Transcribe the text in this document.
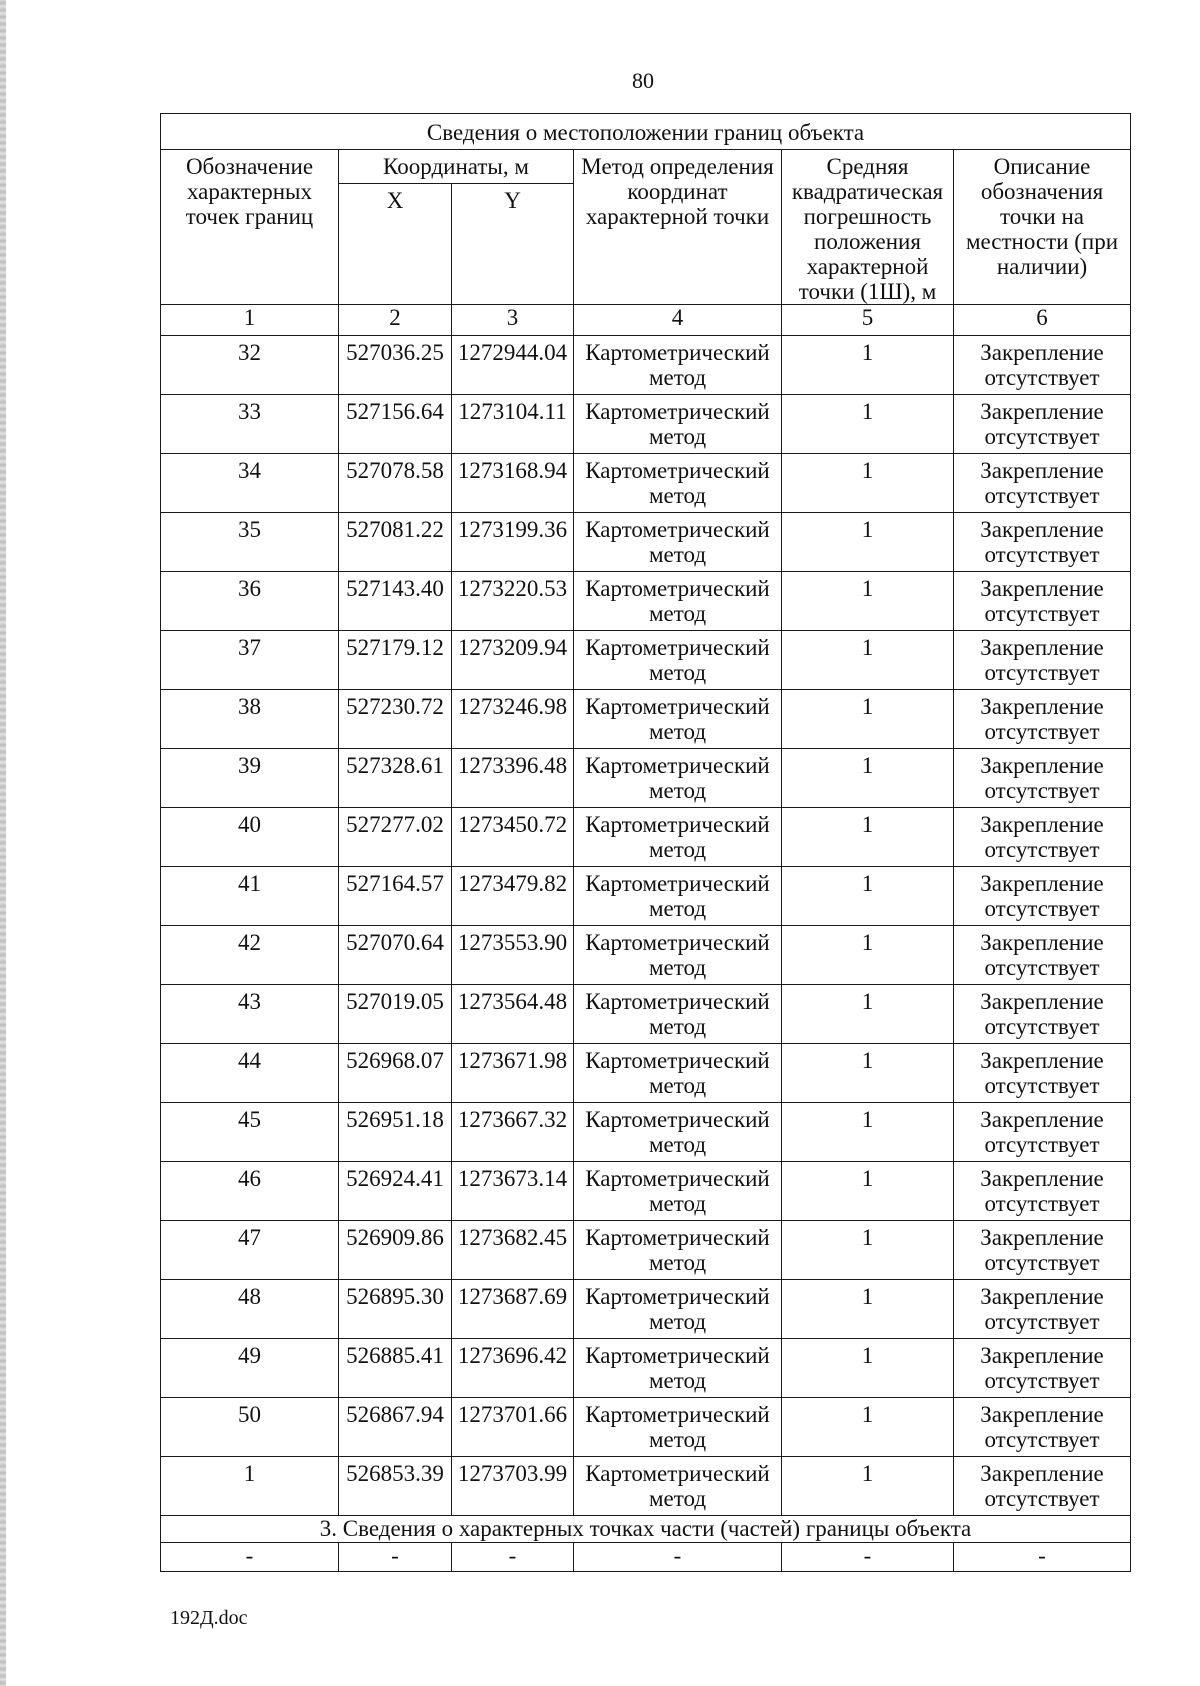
80
Сведения о местоположении границ объекта					
Обозначение характерных точек границ	Координаты, м		Метод определения координат характерной точки	Средняя квадратическая погрешность положения характерной точки (1Ш), м	Описание обозначения точки на местности (при наличии)
	X	Y			
1	2	3	4	5	6
32	527036.25	1272944.04	Картометрический метод	1	Закрепление отсутствует
33	527156.64	1273104.11	Картометрический метод	1	Закрепление отсутствует
34	527078.58	1273168.94	Картометрический метод	1	Закрепление отсутствует
35	527081.22	1273199.36	Картометрический метод	1	Закрепление отсутствует
36	527143.40	1273220.53	Картометрический метод	1	Закрепление отсутствует
37	527179.12	1273209.94	Картометрический метод	1	Закрепление отсутствует
38	527230.72	1273246.98	Картометрический метод	1	Закрепление отсутствует
39	527328.61	1273396.48	Картометрический метод	1	Закрепление отсутствует
40	527277.02	1273450.72	Картометрический метод	1	Закрепление отсутствует
41	527164.57	1273479.82	Картометрический метод	1	Закрепление отсутствует
42	527070.64	1273553.90	Картометрический метод	1	Закрепление отсутствует
43	527019.05	1273564.48	Картометрический метод	1	Закрепление отсутствует
44	526968.07	1273671.98	Картометрический метод	1	Закрепление отсутствует
45	526951.18	1273667.32	Картометрический метод	1	Закрепление отсутствует
46	526924.41	1273673.14	Картометрический метод	1	Закрепление отсутствует
47	526909.86	1273682.45	Картометрический метод	1	Закрепление отсутствует
48	526895.30	1273687.69	Картометрический метод	1	Закрепление отсутствует
49	526885.41	1273696.42	Картометрический метод	1	Закрепление отсутствует
50	526867.94	1273701.66	Картометрический метод	1	Закрепление отсутствует
1	526853.39	1273703.99	Картометрический метод	1	Закрепление отсутствует
3. Сведения о характерных точках части (частей) границы объекта					
-	-	-	-	-	-
192Д.doc
